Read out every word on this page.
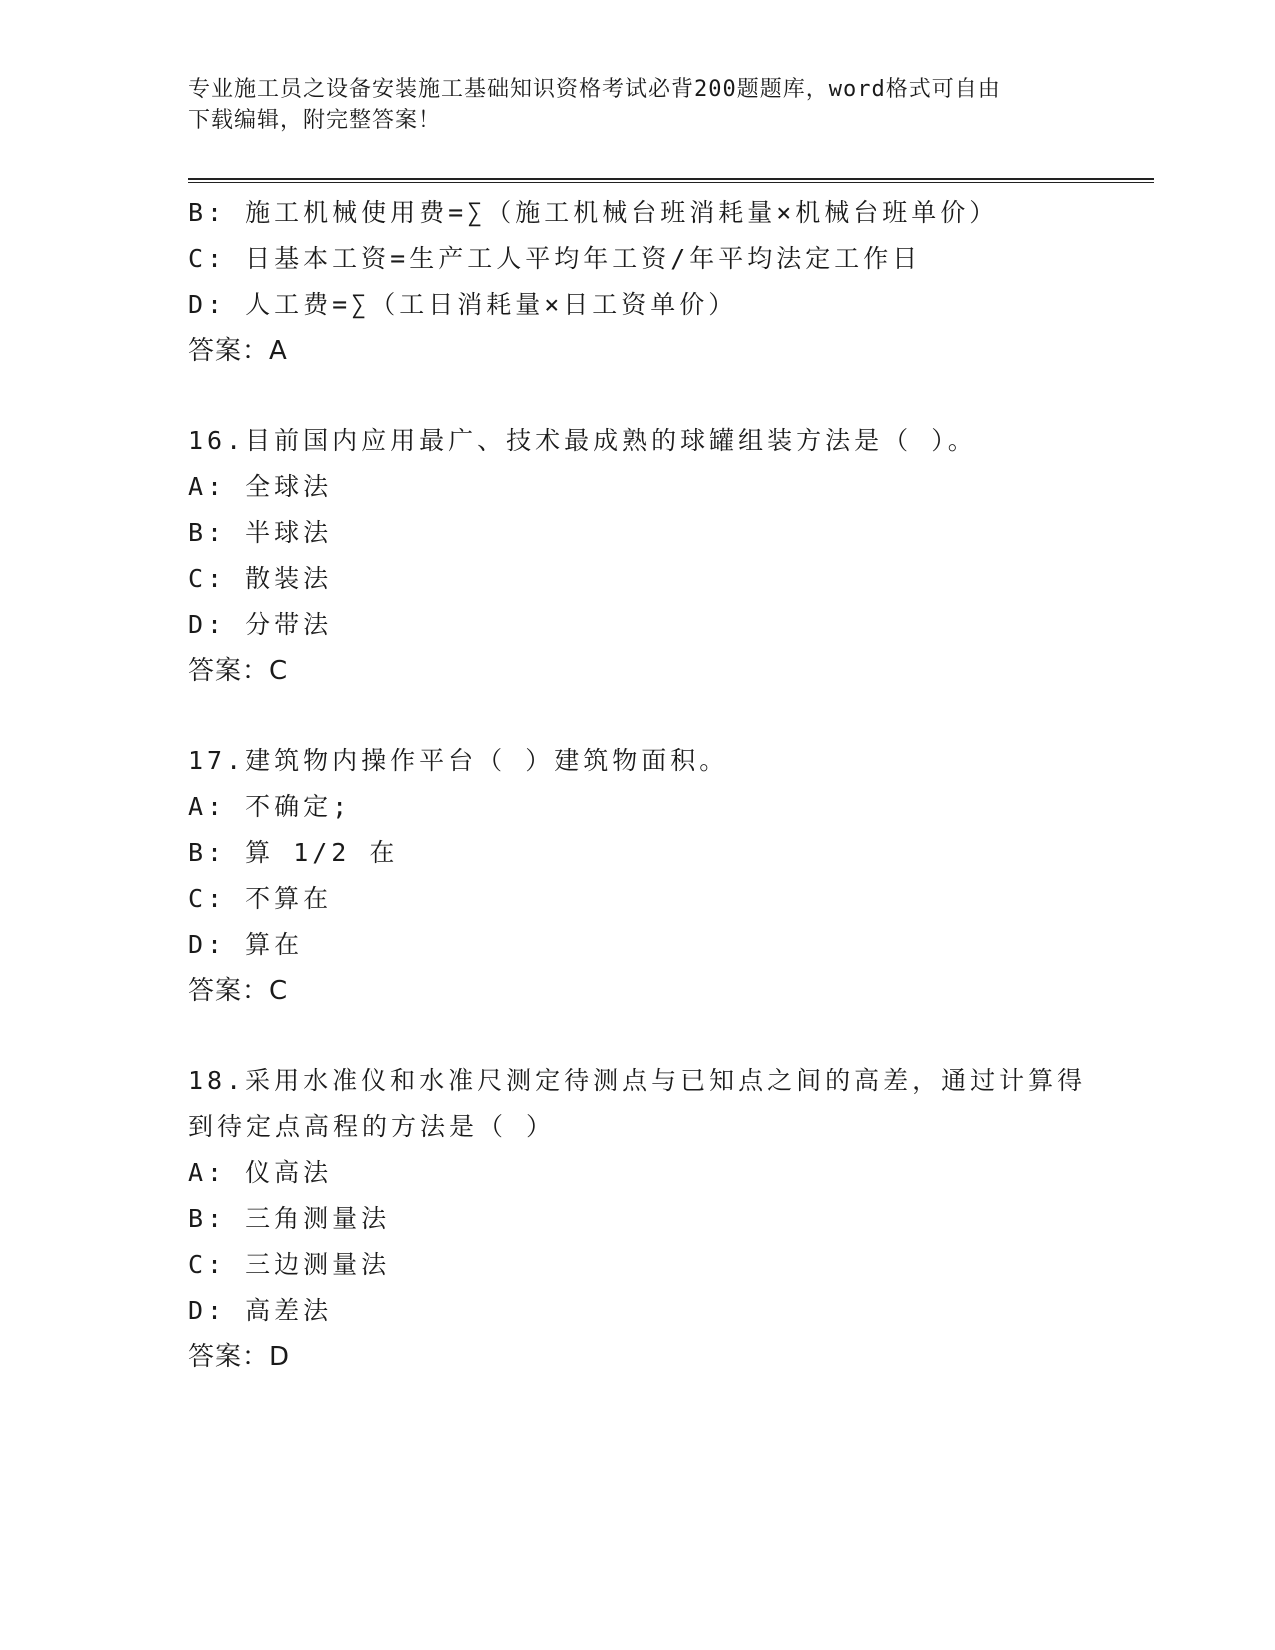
专业施工员之设备安装施工基础知识资格考试必背200题题库，word格式可自由
下载编辑，附完整答案！
B: 施工机械使用费=∑（施工机械台班消耗量×机械台班单价）
C: 日基本工资=生产工人平均年工资/年平均法定工作日
D: 人工费=∑（工日消耗量×日工资单价）
答案：A
16.目前国内应用最广、技术最成熟的球罐组装方法是（ ）。
A: 全球法
B: 半球法
C: 散装法
D: 分带法
答案：C
17.建筑物内操作平台（ ）建筑物面积。
A: 不确定;
B: 算 1/2 在
C: 不算在
D: 算在
答案：C
18.采用水准仪和水准尺测定待测点与已知点之间的高差，通过计算得
到待定点高程的方法是（ ）
A: 仪高法
B: 三角测量法
C: 三边测量法
D: 高差法
答案：D
